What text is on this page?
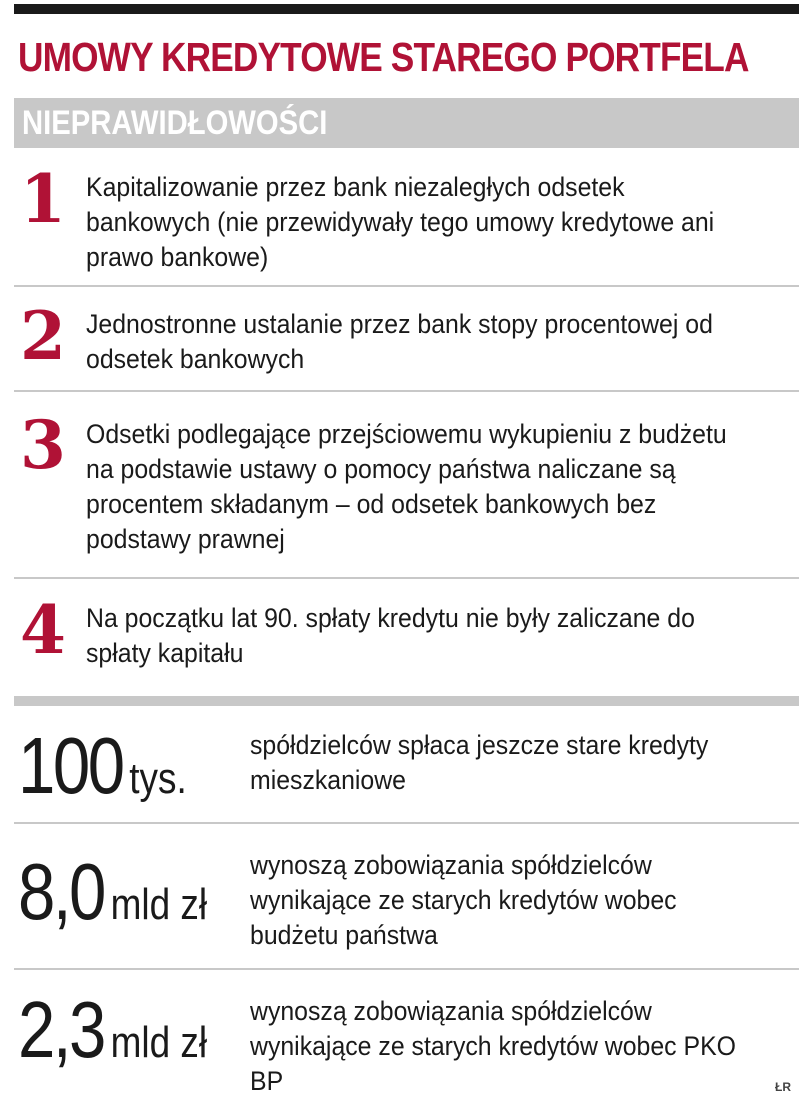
UMOWY KREDYTOWE STAREGO PORTFELA
NIEPRAWIDŁOWOŚCI
1 Kapitalizowanie przez bank niezaległych odsetek bankowych (nie przewidywały tego umowy kredytowe ani prawo bankowe)
2 Jednostronne ustalanie przez bank stopy procentowej od odsetek bankowych
3 Odsetki podlegające przejściowemu wykupieniu z budżetu na podstawie ustawy o pomocy państwa naliczane są procentem składanym – od odsetek bankowych bez podstawy prawnej
4 Na początku lat 90. spłaty kredytu nie były zaliczane do spłaty kapitału
100 tys.
spółdzielców spłaca jeszcze stare kredyty mieszkaniowe
8,0 mld zł
wynoszą zobowiązania spółdzielców wynikające ze starych kredytów wobec budżetu państwa
2,3 mld zł
wynoszą zobowiązania spółdzielców wynikające ze starych kredytów wobec PKO BP	ŁR
